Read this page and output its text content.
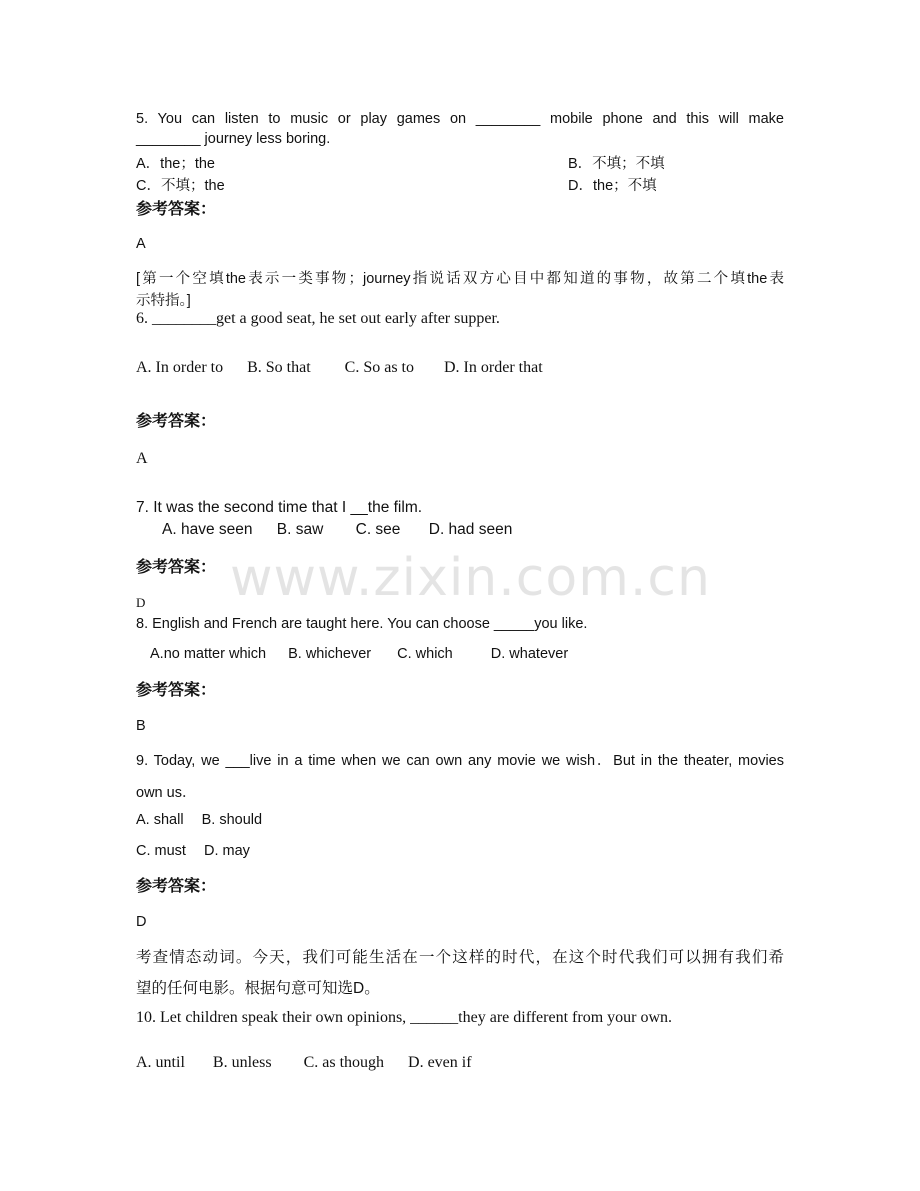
5. You can listen to music or play games on ________ mobile phone and this will make
________ journey less boring.
A．the；the	B．不填；不填
C．不填；the	D．the；不填
参考答案：
A
[第一个空填the表示一类事物；journey指说话双方心目中都知道的事物，故第二个填the表
示特指。]
6. ________get a good seat, he set out early after supper.
A. In order to B. So that C. So as to D. In order that
参考答案：
A
7. It was the second time that I __the film.
A. have seen B. saw C. see D. had seen
参考答案：
D
8. English and French are taught here. You can choose _____you like.
A.no matter which B. whichever C. which	D. whatever
参考答案：
B
9. Today, we ___live in a time when we can own any movie we wish．But in the theater, movies
own us．
A. shall B. should
C. must D. may
参考答案：
D
考查情态动词。今天，我们可能生活在一个这样的时代，在这个时代我们可以拥有我们希
望的任何电影。根据句意可知选D。
10. Let children speak their own opinions, ______they are different from your own.
A. until B. unless C. as though D. even if
www.zixin.com.cn
